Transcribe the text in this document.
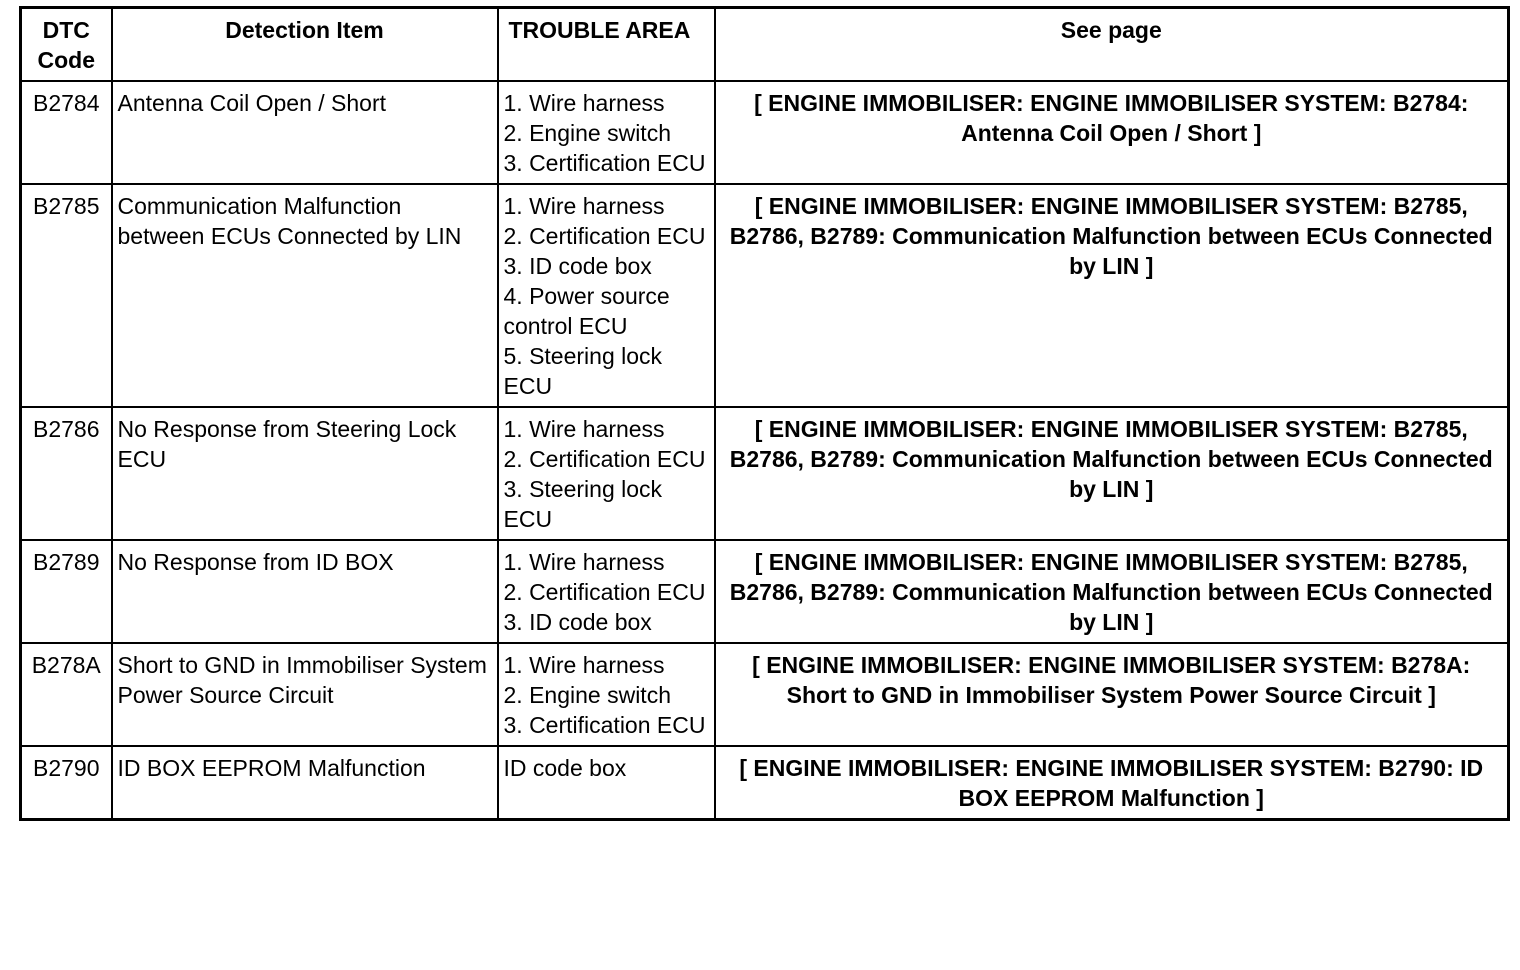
DTC Code	Detection Item	TROUBLE AREA	See page
B2784	Antenna Coil Open / Short	1. Wire harness
2. Engine switch
3. Certification ECU	[ ENGINE IMMOBILISER: ENGINE IMMOBILISER SYSTEM: B2784: Antenna Coil Open / Short ]
B2785	Communication Malfunction between ECUs Connected by LIN	1. Wire harness
2. Certification ECU
3. ID code box
4. Power source control ECU
5. Steering lock ECU	[ ENGINE IMMOBILISER: ENGINE IMMOBILISER SYSTEM: B2785, B2786, B2789: Communication Malfunction between ECUs Connected by LIN ]
B2786	No Response from Steering Lock ECU	1. Wire harness
2. Certification ECU
3. Steering lock ECU	[ ENGINE IMMOBILISER: ENGINE IMMOBILISER SYSTEM: B2785, B2786, B2789: Communication Malfunction between ECUs Connected by LIN ]
B2789	No Response from ID BOX	1. Wire harness
2. Certification ECU
3. ID code box	[ ENGINE IMMOBILISER: ENGINE IMMOBILISER SYSTEM: B2785, B2786, B2789: Communication Malfunction between ECUs Connected by LIN ]
B278A	Short to GND in Immobiliser System Power Source Circuit	1. Wire harness
2. Engine switch
3. Certification ECU	[ ENGINE IMMOBILISER: ENGINE IMMOBILISER SYSTEM: B278A: Short to GND in Immobiliser System Power Source Circuit ]
B2790	ID BOX EEPROM Malfunction	ID code box	[ ENGINE IMMOBILISER: ENGINE IMMOBILISER SYSTEM: B2790: ID BOX EEPROM Malfunction ]
